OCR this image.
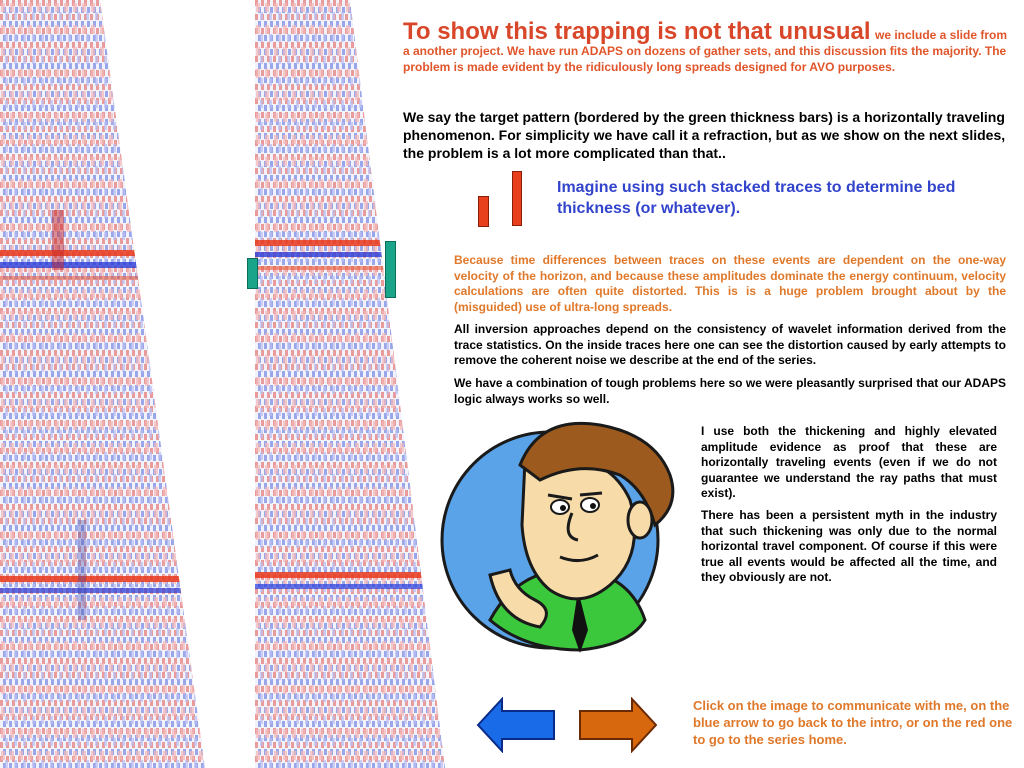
To show this trapping is not that unusual we include a slide from a another project. We have run ADAPS on dozens of gather sets, and this discussion fits the majority. The problem is made evident by the ridiculously long spreads designed for AVO purposes.
We say the target pattern (bordered by the green thickness bars) is a horizontally traveling phenomenon. For simplicity we have call it a refraction, but as we show on the next slides, the problem is a lot more complicated than that..
Imagine using such stacked traces to determine bed thickness (or whatever).
Because time differences between traces on these events are dependent on the one-way velocity of the horizon, and because these amplitudes dominate the energy continuum, velocity calculations are often quite distorted. This is is a huge problem brought about by the (misguided) use of ultra-long spreads.
All inversion approaches depend on the consistency of wavelet information derived from the trace statistics. On the inside traces here one can see the distortion caused by early attempts to remove the coherent noise we describe at the end of the series.
We have a combination of tough problems here so we were pleasantly surprised that our ADAPS logic always works so well.
I use both the thickening and highly elevated amplitude evidence as proof that these are horizontally traveling events (even if we do not guarantee we understand the ray paths that must exist).
There has been a persistent myth in the industry that such thickening was only due to the normal horizontal travel component. Of course if this were true all events would be affected all the time, and they obviously are not.
Click on the image to communicate with me, on the blue arrow to go back to the intro, or on the red one to go to the series home.
